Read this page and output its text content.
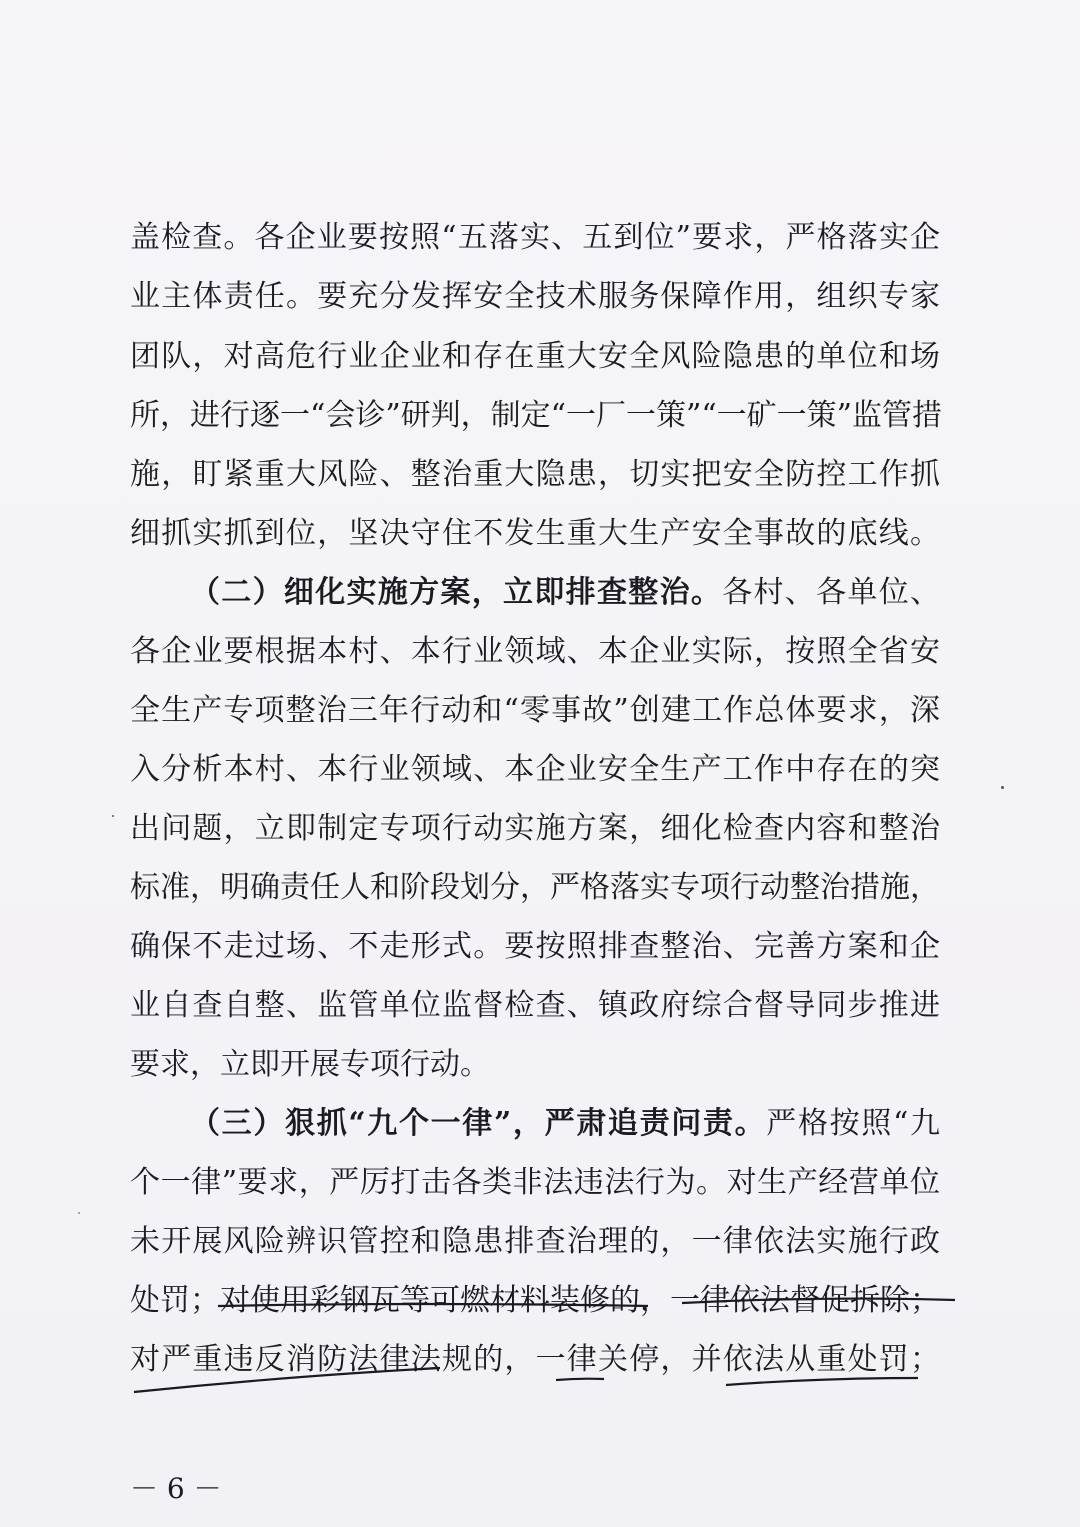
盖检查。各企业要按照“五落实、五到位”要求，严格落实企
业主体责任。要充分发挥安全技术服务保障作用，组织专家
团队，对高危行业企业和存在重大安全风险隐患的单位和场
所，进行逐一“会诊”研判，制定“一厂一策”“一矿一策”监管措
施，盯紧重大风险、整治重大隐患，切实把安全防控工作抓
细抓实抓到位，坚决守住不发生重大生产安全事故的底线。
（二）细化实施方案，立即排查整治。各村、各单位、
各企业要根据本村、本行业领域、本企业实际，按照全省安
全生产专项整治三年行动和“零事故”创建工作总体要求，深
入分析本村、本行业领域、本企业安全生产工作中存在的突
出问题，立即制定专项行动实施方案，细化检查内容和整治
标准，明确责任人和阶段划分，严格落实专项行动整治措施，
确保不走过场、不走形式。要按照排查整治、完善方案和企
业自查自整、监管单位监督检查、镇政府综合督导同步推进
要求，立即开展专项行动。
（三）狠抓“九个一律”，严肃追责问责。严格按照“九
个一律”要求，严厉打击各类非法违法行为。对生产经营单位
未开展风险辨识管控和隐患排查治理的，一律依法实施行政
处罚；对使用彩钢瓦等可燃材料装修的，一律依法督促拆除；
对严重违反消防法律法规的，一律关停，并依法从重处罚；
－ 6 －
